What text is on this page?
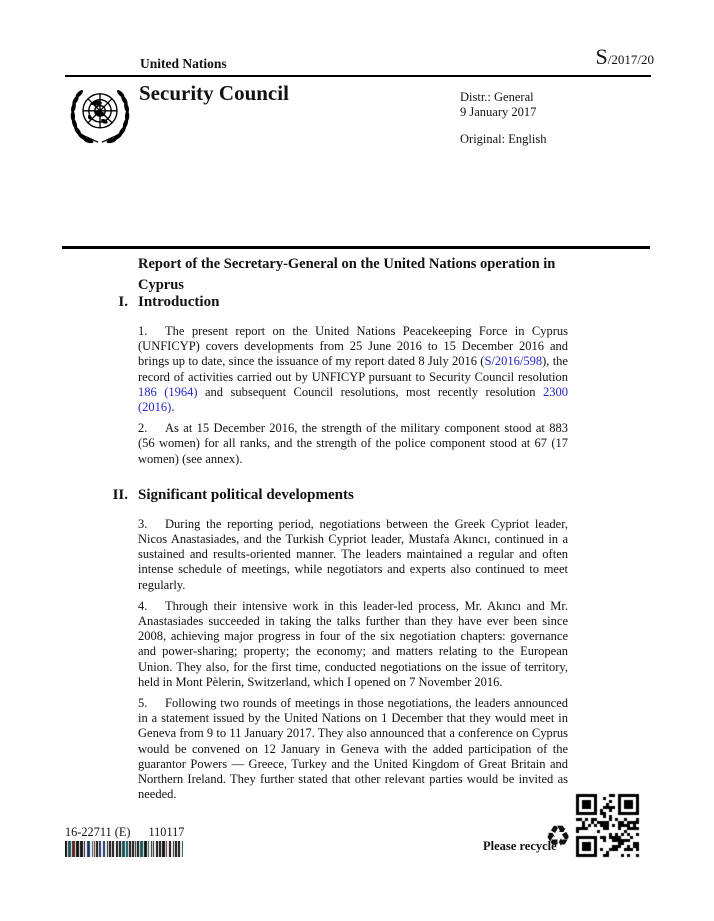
United Nations	S /2017/20
Security Council	Distr.: General
9 January 2017
Original: English
Report of the Secretary-General on the United Nations operation in Cyprus
I. Introduction

1. The present report on the United Nations Peacekeeping Force in Cyprus (UNFICYP) covers developments from 25 June 2016 to 15 December 2016 and brings up to date, since the issuance of my report dated 8 July 2016 (S/2016/598), the record of activities carried out by UNFICYP pursuant to Security Council resolution 186 (1964) and subsequent Council resolutions, most recently resolution 2300 (2016).

2. As at 15 December 2016, the strength of the military component stood at 883 (56 women) for all ranks, and the strength of the police component stood at 67 (17 women) (see annex).

II. Significant political developments

3. During the reporting period, negotiations between the Greek Cypriot leader, Nicos Anastasiades, and the Turkish Cypriot leader, Mustafa Akıncı, continued in a sustained and results-oriented manner. The leaders maintained a regular and often intense schedule of meetings, while negotiators and experts also continued to meet regularly.

4. Through their intensive work in this leader-led process, Mr. Akıncı and Mr. Anastasiades succeeded in taking the talks further than they have ever been since 2008, achieving major progress in four of the six negotiation chapters: governance and power-sharing; property; the economy; and matters relating to the European Union. They also, for the first time, conducted negotiations on the issue of territory, held in Mont Pèlerin, Switzerland, which I opened on 7 November 2016.

5. Following two rounds of meetings in those negotiations, the leaders announced in a statement issued by the United Nations on 1 December that they would meet in Geneva from 9 to 11 January 2017. They also announced that a conference on Cyprus would be convened on 12 January in Geneva with the added participation of the guarantor Powers — Greece, Turkey and the United Kingdom of Great Britain and Northern Ireland. They further stated that other relevant parties would be invited as needed.

16-22711 (E) 110117
Please recycle
♻
